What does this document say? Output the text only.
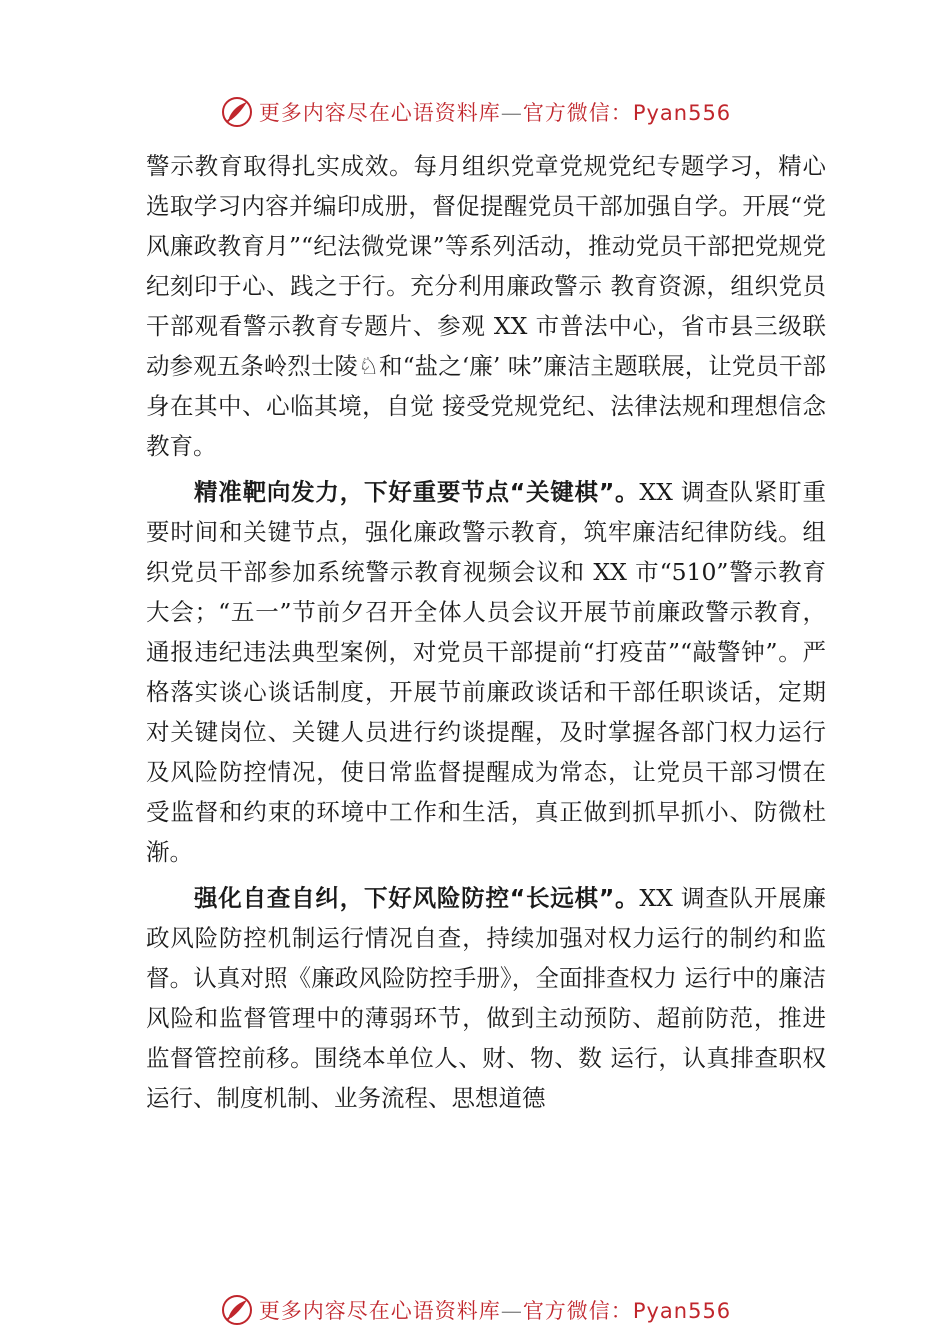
更多内容尽在心语资料库—官方微信：Pyan556

警示教育取得扎实成效。每月组织党章党规党纪专题学习，精心选取学习内容并编印成册，督促提醒党员干部加强自学。开展“党风廉政教育月”“纪法微党课”等系列活动，推动党员干部把党规党纪刻印于心、践之于行。充分利用廉政警示 教育资源，组织党员干部观看警示教育专题片、参观 XX 市普法中心，省市县三级联动参观五条岭烈士陵♘和“盐之‘廉’ 味”廉洁主题联展，让党员干部身在其中、心临其境，自觉 接受党规党纪、法律法规和理想信念教育。

精准靶向发力，下好重要节点“关键棋”。XX 调查队紧盯重要时间和关键节点，强化廉政警示教育，筑牢廉洁纪律防线。组织党员干部参加系统警示教育视频会议和 XX 市“510”警示教育大会；“五一”节前夕召开全体人员会议开展节前廉政警示教育，通报违纪违法典型案例，对党员干部提前“打疫苗”“敲警钟”。严格落实谈心谈话制度，开展节前廉政谈话和干部任职谈话，定期对关键岗位、关键人员进行约谈提醒，及时掌握各部门权力运行及风险防控情况，使日常监督提醒成为常态，让党员干部习惯在受监督和约束的环境中工作和生活，真正做到抓早抓小、防微杜渐。

强化自查自纠，下好风险防控“长远棋”。XX 调查队开展廉政风险防控机制运行情况自查，持续加强对权力运行的制约和监督。认真对照《廉政风险防控手册》，全面排查权力 运行中的廉洁风险和监督管理中的薄弱环节，做到主动预防、超前防范，推进监督管控前移。围绕本单位人、财、物、数 运行，认真排查职权运行、制度机制、业务流程、思想道德

更多内容尽在心语资料库—官方微信：Pyan556
